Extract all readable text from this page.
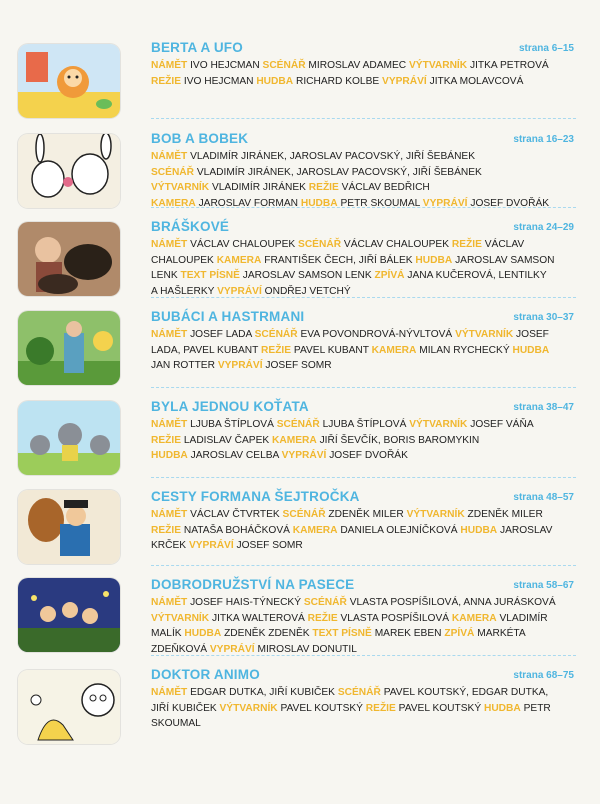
BERTA A UFO	strana 6–15
NÁMĚT IVO HEJCMAN SCÉNÁŘ MIROSLAV ADAMEC VÝTVARNÍK JITKA PETROVÁ
REŽIE IVO HEJCMAN HUDBA RICHARD KOLBE VYPRÁVÍ JITKA MOLAVCOVÁ
BOB A BOBEK	strana 16–23
NÁMĚT VLADIMÍR JIRÁNEK, JAROSLAV PACOVSKÝ, JIŘÍ ŠEBÁNEK
SCÉNÁŘ VLADIMÍR JIRÁNEK, JAROSLAV PACOVSKÝ, JIŘÍ ŠEBÁNEK
VÝTVARNÍK VLADIMÍR JIRÁNEK REŽIE VÁCLAV BEDŘICH
KAMERA JAROSLAV FORMAN HUDBA PETR SKOUMAL VYPRÁVÍ JOSEF DVOŘÁK
BRÁŠKOVÉ	strana 24–29
NÁMĚT VÁCLAV CHALOUPEK SCÉNÁŘ VÁCLAV CHALOUPEK REŽIE VÁCLAV
CHALOUPEK KAMERA FRANTIŠEK ČECH, JIŘÍ BÁLEK HUDBA JAROSLAV SAMSON
LENK TEXT PÍSNĚ JAROSLAV SAMSON LENK ZPÍVÁ JANA KUČEROVÁ, LENTILKY
A HAŠLERKY VYPRÁVÍ ONDŘEJ VETCHÝ
BUBÁCI A HASTRMANI	strana 30–37
NÁMĚT JOSEF LADA SCÉNÁŘ EVA POVONDROVÁ-NÝVLTOVÁ VÝTVARNÍK JOSEF
LADA, PAVEL KUBANT REŽIE PAVEL KUBANT KAMERA MILAN RYCHECKÝ HUDBA
JAN ROTTER VYPRÁVÍ JOSEF SOMR
BYLA JEDNOU KOŤATA	strana 38–47
NÁMĚT LJUBA ŠTÍPLOVÁ SCÉNÁŘ LJUBA ŠTÍPLOVÁ VÝTVARNÍK JOSEF VÁŇA
REŽIE LADISLAV ČAPEK KAMERA JIŘÍ ŠEVČÍK, BORIS BAROMYKIN
HUDBA JAROSLAV CELBA VYPRÁVÍ JOSEF DVOŘÁK
CESTY FORMANA ŠEJTROČKA	strana 48–57
NÁMĚT VÁCLAV ČTVRTEK SCÉNÁŘ ZDENĚK MILER VÝTVARNÍK ZDENĚK MILER
REŽIE NATAŠA BOHÁČKOVÁ KAMERA DANIELA OLEJNÍČKOVÁ HUDBA JAROSLAV
KRČEK VYPRÁVÍ JOSEF SOMR
DOBRODRUŽSTVÍ NA PASECE	strana 58–67
NÁMĚT JOSEF HAIS-TÝNECKÝ SCÉNÁŘ VLASTA POSPÍŠILOVÁ, ANNA JURÁSKOVÁ
VÝTVARNÍK JITKA WALTEROVÁ REŽIE VLASTA POSPÍŠILOVÁ KAMERA VLADIMÍR
MALÍK HUDBA ZDENĚK ZDENĚK TEXT PÍSNĚ MAREK EBEN ZPÍVÁ MARKÉTA
ZDEŇKOVÁ VYPRÁVÍ MIROSLAV DONUTIL
DOKTOR ANIMO	strana 68–75
NÁMĚT EDGAR DUTKA, JIŘÍ KUBIČEK SCÉNÁŘ PAVEL KOUTSKÝ, EDGAR DUTKA,
JIŘÍ KUBIČEK VÝTVARNÍK PAVEL KOUTSKÝ REŽIE PAVEL KOUTSKÝ HUDBA PETR
SKOUMAL
